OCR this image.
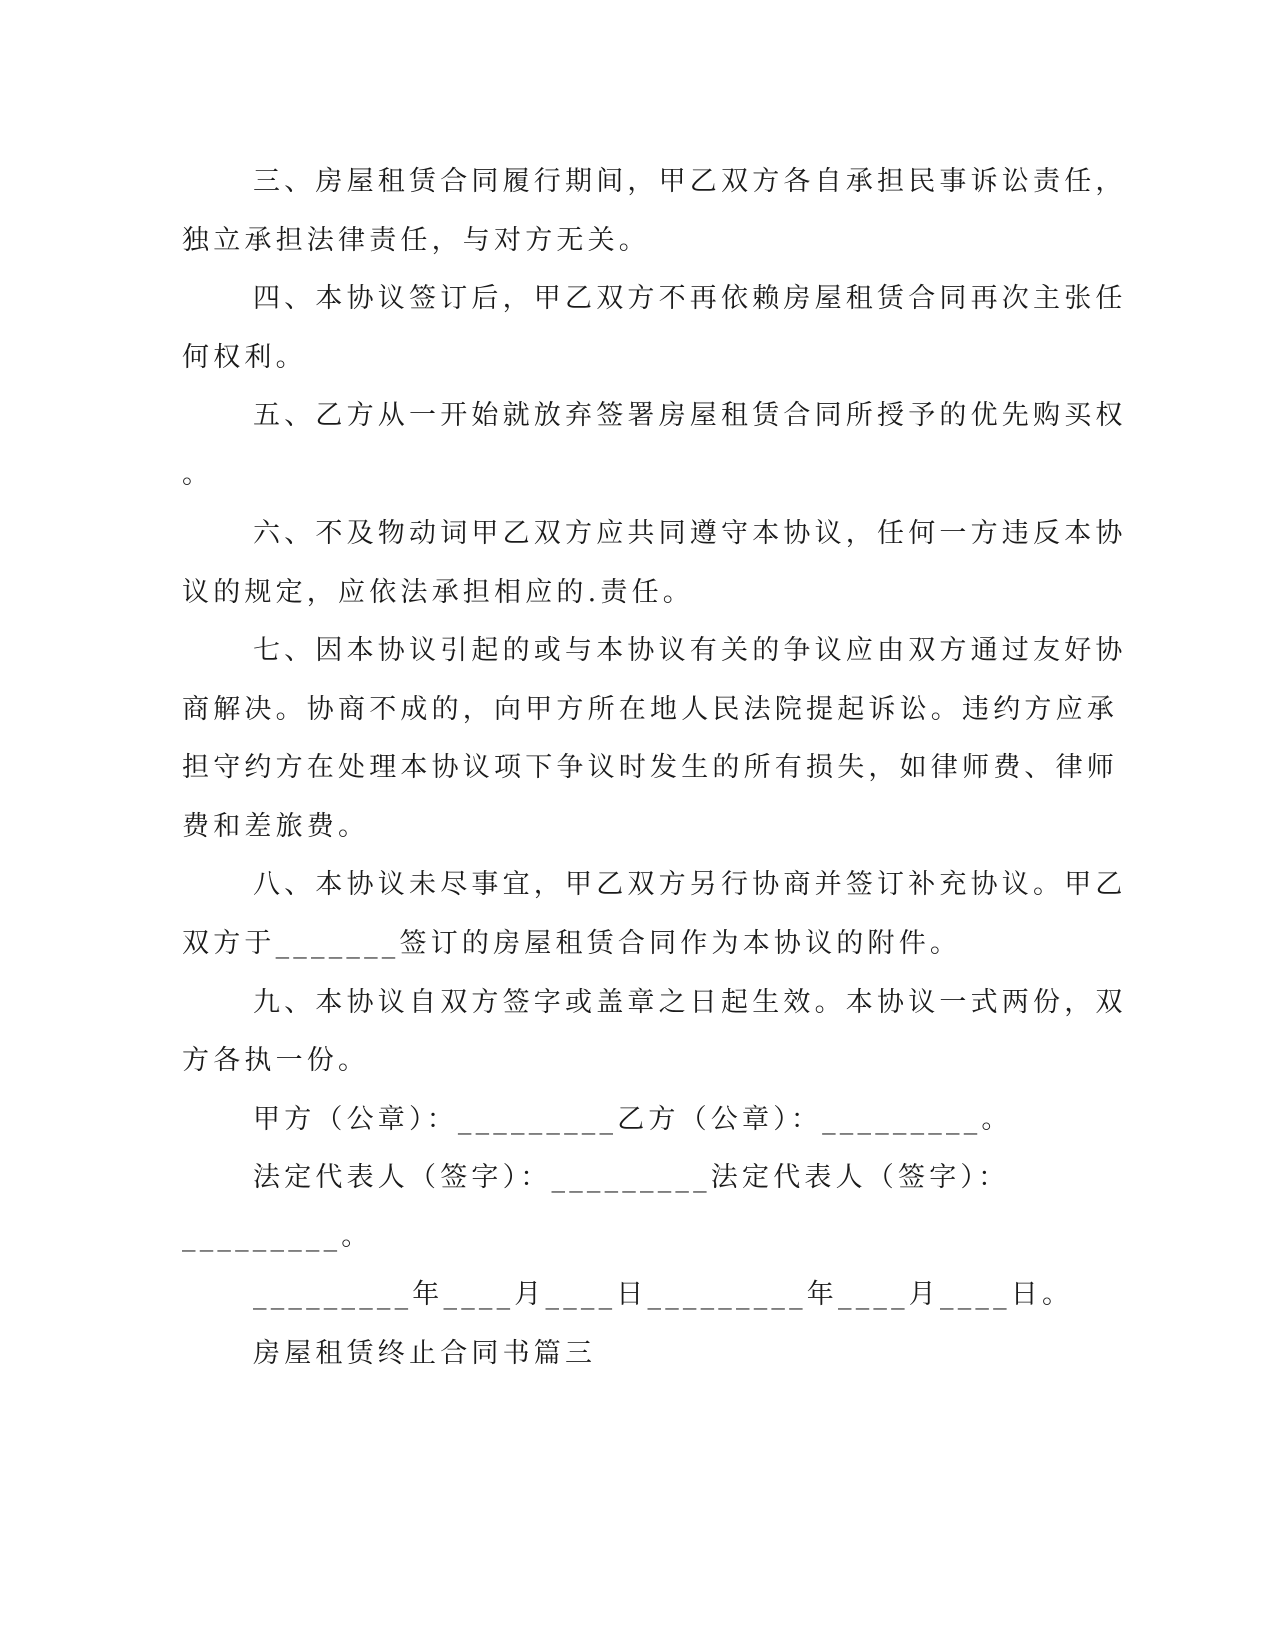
三、房屋租赁合同履行期间，甲乙双方各自承担民事诉讼责任，
独立承担法律责任，与对方无关。
四、本协议签订后，甲乙双方不再依赖房屋租赁合同再次主张任
何权利。
五、乙方从一开始就放弃签署房屋租赁合同所授予的优先购买权
。
六、不及物动词甲乙双方应共同遵守本协议，任何一方违反本协
议的规定，应依法承担相应的.责任。
七、因本协议引起的或与本协议有关的争议应由双方通过友好协
商解决。协商不成的，向甲方所在地人民法院提起诉讼。违约方应承
担守约方在处理本协议项下争议时发生的所有损失，如律师费、律师
费和差旅费。
八、本协议未尽事宜，甲乙双方另行协商并签订补充协议。甲乙
双方于_______签订的房屋租赁合同作为本协议的附件。
九、本协议自双方签字或盖章之日起生效。本协议一式两份，双
方各执一份。
甲方（公章）：_________乙方（公章）：_________。
法定代表人（签字）：_________法定代表人（签字）：
_________。
_________年____月____日_________年____月____日。
房屋租赁终止合同书篇三
